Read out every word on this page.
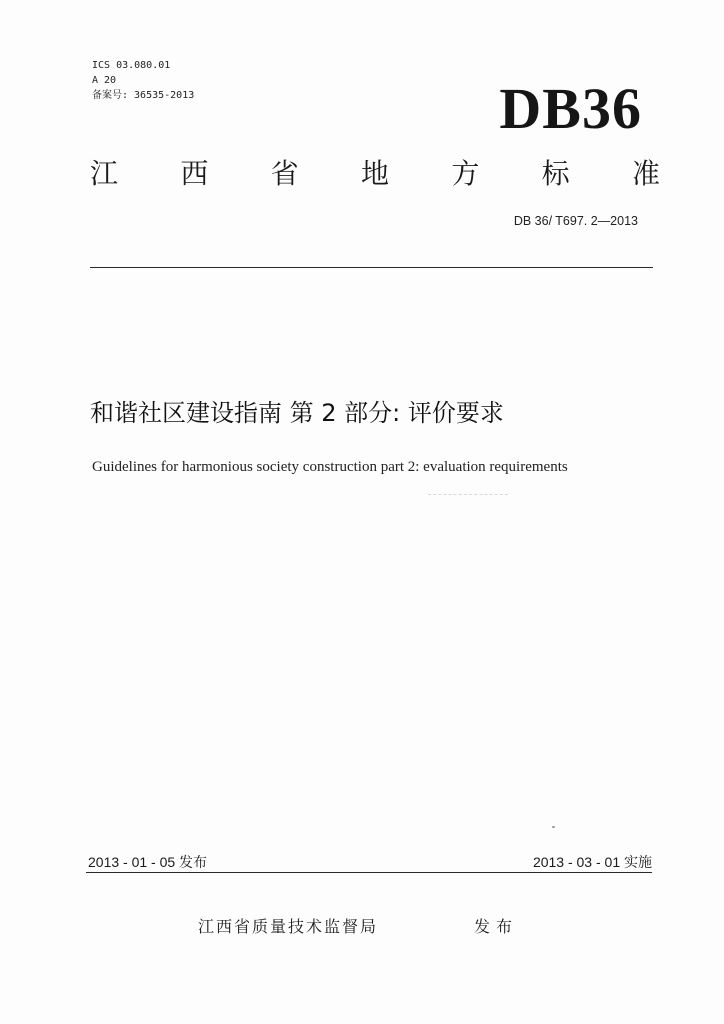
ICS 03.080.01
A 20
备案号: 36535-2013	DB36
江 西 省 地 方 标 准
DB 36/ T697. 2—2013
和谐社区建设指南 第 2 部分: 评价要求
Guidelines for harmonious society construction part 2: evaluation requirements
2013 - 01 - 05 发布	2013 - 03 - 01 实施
江西省质量技术监督局	发布
